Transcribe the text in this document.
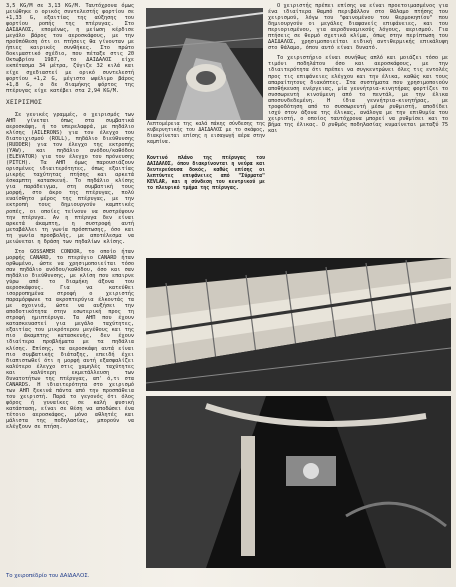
3,5 KG/M σε 3,13 KG/M. Ταυτόχρονα όμως μειώθηκε ο ορικός συντελεστής φορτίου σε +1,33 G, εξαιτίας της αύξησης του φορτίου ροπής της πτέρυγας. Στο ΔΑΙΔΑΛΟΣ, επομένως, η μείωση κέρδισε μεγάλο βάρος του αεροσκάφους, με την προϋπόθεση ότι οι πτήσεις θα γίνονταν με ήπιες καιρικές συνθήκες. Στο πρώτο δοκιμαστικό σχέδιο, που πέταξε στις 20 Οκτωβρίου 1987, το ΔΑΙΔΑΛΟΣ είχε εκπέτασμα 34 μέτρα, ζύγιζε 32 κιλά και είχε σχεδιαστεί με ορικό συντελεστή φορτίου +1,2 G, μέγιστο ωφέλιμο βάρος +1,8 G, ο δε διαμήκης φόρτος της πτέρυγας είχε κατέβει στα 2,94 KG/M.

ΧΕΙΡΙΣΜΟΣ

Σε γενικές γραμμές, ο χειρισμός των ΑΗΠ γίνεται όπως στα συμβατικά αεροσκάφη, ή το υπερελαφρά, με πηδάλιο κλίσης (AILERONS) για τον έλεγχο του διατοιχισμού (ROLL), πηδάλιο διεύθυνσης (RUDDER) για τον έλεγχο της εκτροπής (YAW), και πηδάλιο ανόδου/καθόδου (ELEVATOR) για τον έλεγχο του πρόνευσης (PITCH). Τα ΑΗΠ όμως παρουσιάζουν ορισμένες ιδιαιτερότητες, όπως εξαιτίας μικρής ταχύτητας πτήσης και αρκετά έσκαμπτη κατασκευή. Το πηδάλιο κλίσης για παράδειγμα, στη συμβατική τους μορφή, στο άκρο της πτέρυγας, πολύ ευαίσθητο μέρος της πτέρυγας, με την εκτροπή τους δημιουργούν καμπτικές ροπές, οι οποίες τείνουν να συστρέψουν την πτέρυγα. Αν η πτέρυγα δεν είναι αρκετά άκαμπτη, η συστροφή αυτή μεταβάλλει τη γωνία πρόσπτωσης, όσο και τη γωνία προσβολής, με αποτέλεσμα να μειώνεται η δράση των πηδαλίων κλίσης.

Στο GOSSAMER CONDOR, το οποίο ήταν μορφής CANARD, το πτερύγιο CANARD ήταν ορθωμένο, ώστε να χρησιμοποιείται τόσο σαν πηδάλιο ανόδου/καθόδου, όσο και σαν πηδάλιο διεύθυνσης, με κλίση που επαιρνε γύρω από το διαμήκη άξονα του αεροσκάφους. Για να κατεύθει ισορροπημένα στροφή ο χειριστής παραμόρφωνε τα ακροπτερύγια έλκοντάς τα με σχοινιά, ώστε να αυξήσει την αποδοτικότητα στην εσωτερική προς τη στροφή ημιπτέρυγα. Τα ΑΗΠ που έχουν κατασκευαστεί για μεγάλο ταχύτητες, εξαιτίας του μικρότερου μεγέθους και της πιο άκαμπτης κατασκευής, δεν έχουν ιδιαίτερα προβλήματα με τα πηδάλια κλίσης. Επίσης, τα αεροσκάφη αυτά είναι πιο συμβατικής διάταξης, επειδή έχει διαπιστωθεί ότι η μορφή αυτή εξασφαλίζει καλύτερο έλεγχο στις χαμηλές ταχύτητες και καλύτερη εκμετάλλευση των δυνατοτήτων της πτέρυγας, απ' ό,τι στα CANARDS. Η ιδιαιτερότητα στο χειρισμό των ΑΗΠ ξεκινά πάντα από την προσπάθεια του χειριστή. Παρά το γεγονός ότι όλος φόρος ή γυναίκες σε καλή φυσική κατάσταση, είναι σε θέση να αποδώσει ένα τέτοιο αεροσκάφος, μόνο αθλητές και μάλιστα της ποδηλασίας, μπορούν να ελέγξουν σε πτήση.

Λεπτομέρεια της καλά πάκης σύνδεσης της κυβερνητικής του ΔΑΙΔΑΛΟΣ με το σκάφος, διακρίνεται επίσης η εισαγωγή αέρα στην καμπίνα.

Κοντινό πλάνο της πτέρυγας του ΔΑΙΔΑΛΟΣ, όπου διακρίνονται η νεύρα και δευτερεύουσα δοκός, καθώς επίσης οι λεπτύντες επιφάνειες από "Σύρματα" KEVLAR, και η σύνδεση του κεντρικού με το πλευρικό τμήμα της πτέρυγας.

Ο χειριστής πρέπει επίσης να είναι προετοιμασμένος για ένα ιδιαίτερα θαμπό περιβάλλον στο θάλαμο πτήσης του χειρισμού, λόγω του "φαινομένου του θερμοκηπίου" που δημιουργούν οι μεγάλες διαφανείς επιφάνειες, και του περιορισμένου, για αεροδυναμικούς λόγους, αερισμού. Για πτήσεις σε θερμό σχετικά κλίμα, όπως στην περίπτωση του ΔΑΙΔΑΛΟΣ, χρησιμοποιείται ειδική αντιθερμικής επικάλυψη στο θάλαμο, όπου αυτό είναι δυνατό.

Το χειριστήριο είναι συνήθως απλό και μοιάζει τόσο με τιμόνι ποδηλάτου όσο και αεροσκάφους, με την ιδιαιτερότητα ότι πρέπει να συγκεντρώνει όλες τις εντολές προς τις επιφάνειες ελέγχου και την έλικα, καθώς και τους απαραίτητους διακόπτες. Στα συστήματα που χρησιμοποιούν αποθήκευση ενέργειας, μία γεννήτρια-κινητήρας φορτίζει το συσσωρευτή κινούμενη από το πεντάλ, με την έλικα αποσυνδεδεμένη. Η ίδια γεννήτρια-κινητήρας, με τροφοδότηση από το συσσωρευτή μέσω ρυθμιστή, αποδίδει ισχύ στον άξονα της έλικας, ανάλογα με την επιθυμία του χειριστή, ο οποίος ταυτόχρονα μπορεί να ρυθμίσει και το βήμα της έλικας. Ο ρυθμός ποδηλασίας κυμαίνεται μεταξύ 75 και

Το χειροπέδρίο του ΔΑΙΔΑΛΟΣ.
